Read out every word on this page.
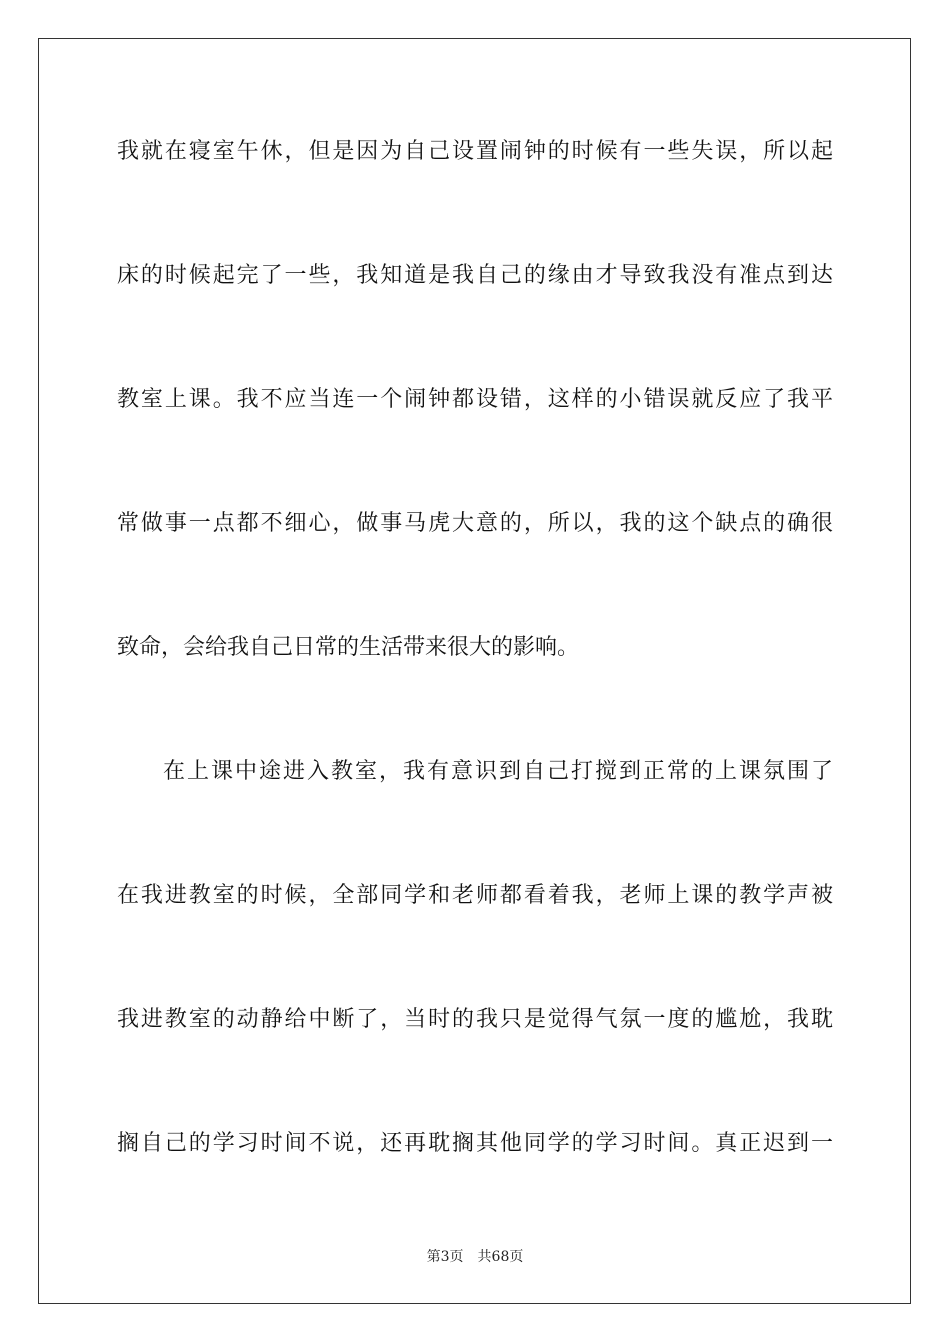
我就在寝室午休，但是因为自己设置闹钟的时候有一些失误，所以起
床的时候起完了一些，我知道是我自己的缘由才导致我没有准点到达
教室上课。我不应当连一个闹钟都设错，这样的小错误就反应了我平
常做事一点都不细心，做事马虎大意的，所以，我的这个缺点的确很
致命，会给我自己日常的生活带来很大的影响。
在上课中途进入教室，我有意识到自己打搅到正常的上课氛围了
在我进教室的时候，全部同学和老师都看着我，老师上课的教学声被
我进教室的动静给中断了，当时的我只是觉得气氛一度的尴尬，我耽
搁自己的学习时间不说，还再耽搁其他同学的学习时间。真正迟到一
第3页 共68页
